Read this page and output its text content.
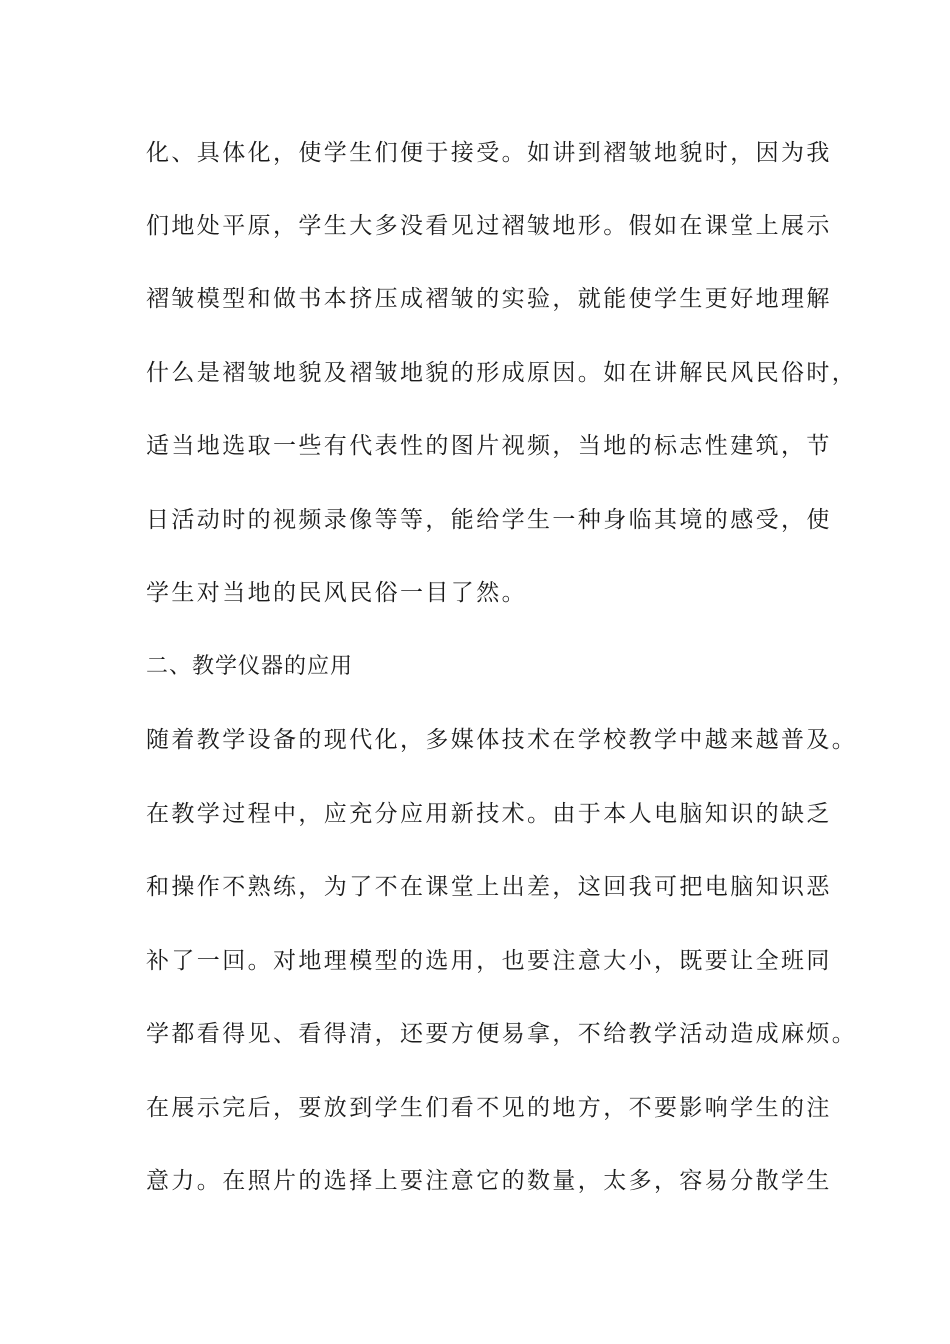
化、具体化，使学生们便于接受。如讲到褶皱地貌时，因为我

们地处平原，学生大多没看见过褶皱地形。假如在课堂上展示

褶皱模型和做书本挤压成褶皱的实验，就能使学生更好地理解

什么是褶皱地貌及褶皱地貌的形成原因。如在讲解民风民俗时，

适当地选取一些有代表性的图片视频，当地的标志性建筑，节

日活动时的视频录像等等，能给学生一种身临其境的感受，使

学生对当地的民风民俗一目了然。

二、教学仪器的应用

随着教学设备的现代化，多媒体技术在学校教学中越来越普及。

在教学过程中，应充分应用新技术。由于本人电脑知识的缺乏

和操作不熟练，为了不在课堂上出差，这回我可把电脑知识恶

补了一回。对地理模型的选用，也要注意大小，既要让全班同

学都看得见、看得清，还要方便易拿，不给教学活动造成麻烦。

在展示完后，要放到学生们看不见的地方，不要影响学生的注

意力。在照片的选择上要注意它的数量，太多，容易分散学生
